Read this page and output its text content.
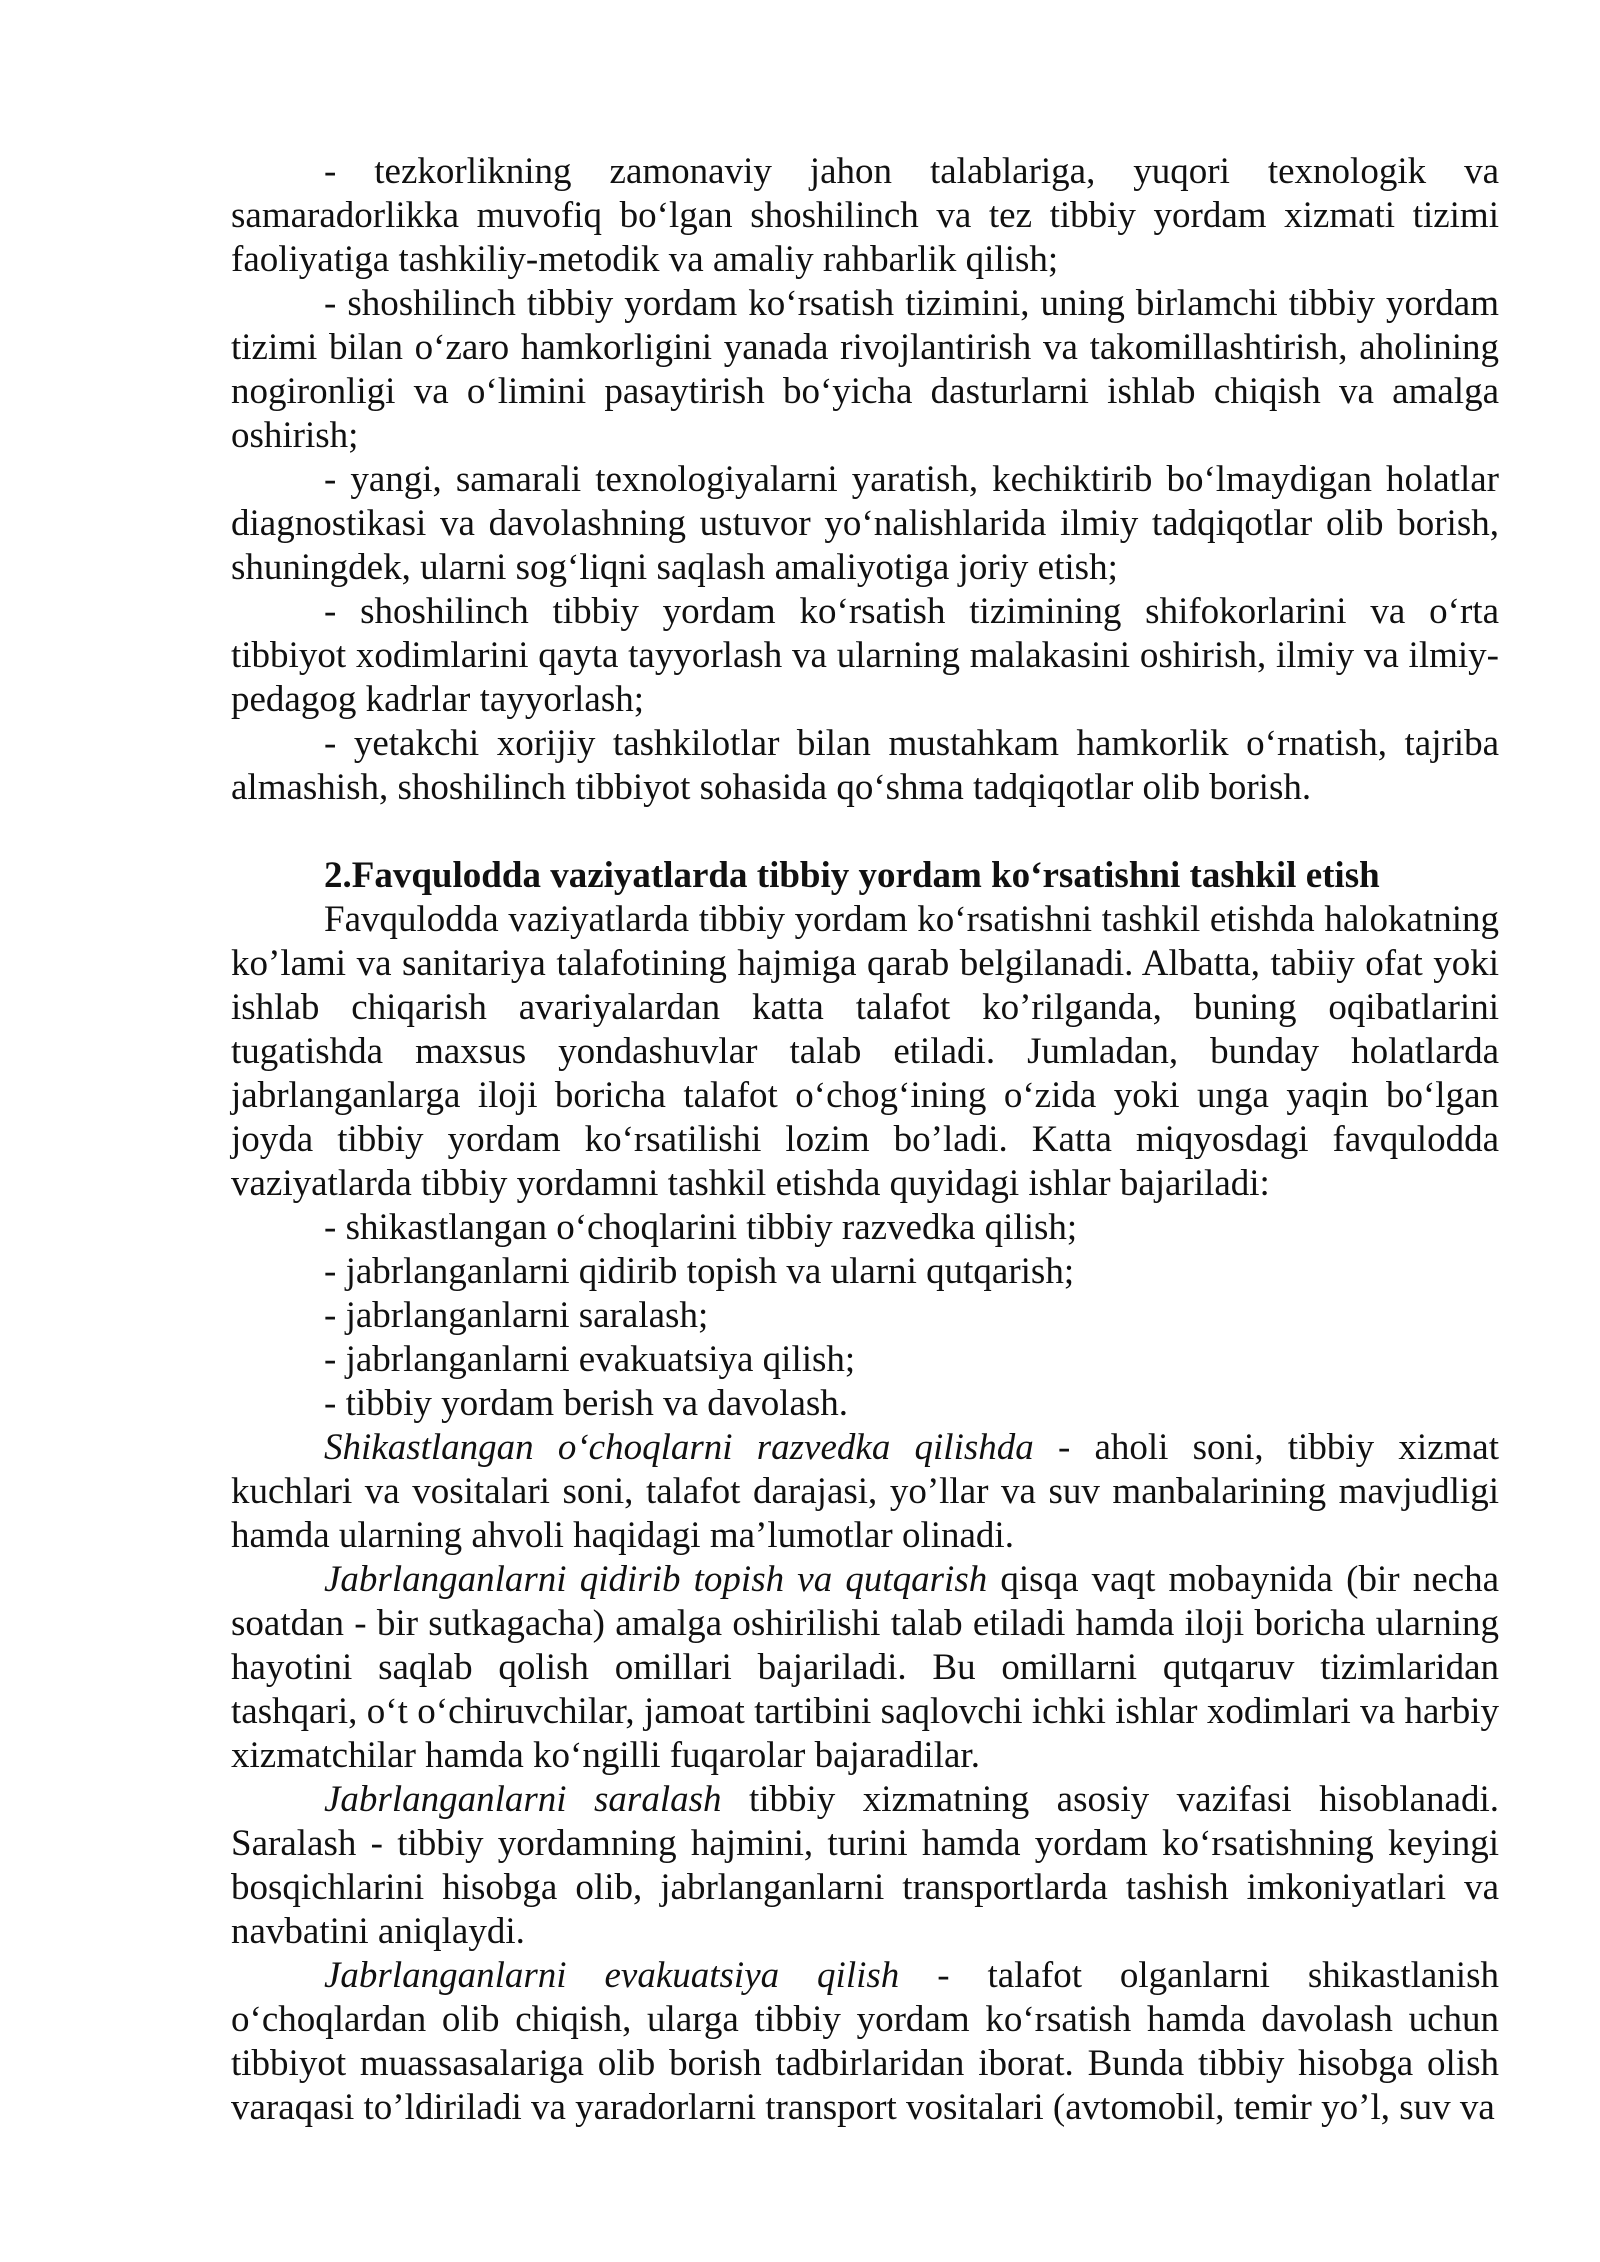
- tezkorlikning zamonaviy jahon talablariga, yuqori texnologik va samaradorlikka muvofiq bo‘lgan shoshilinch va tez tibbiy yordam xizmati tizimi faoliyatiga tashkiliy-metodik va amaliy rahbarlik qilish;

- shoshilinch tibbiy yordam ko‘rsatish tizimini, uning birlamchi tibbiy yordam tizimi bilan o‘zaro hamkorligini yanada rivojlantirish va takomillashtirish, aholining nogironligi va o‘limini pasaytirish bo‘yicha dasturlarni ishlab chiqish va amalga oshirish;

- yangi, samarali texnologiyalarni yaratish, kechiktirib bo‘lmaydigan holatlar diagnostikasi va davolashning ustuvor yo‘nalishlarida ilmiy tadqiqotlar olib borish, shuningdek, ularni sog‘liqni saqlash amaliyotiga joriy etish;

- shoshilinch tibbiy yordam ko‘rsatish tizimining shifokorlarini va o‘rta tibbiyot xodimlarini qayta tayyorlash va ularning malakasini oshirish, ilmiy va ilmiy-pedagog kadrlar tayyorlash;

- yetakchi xorijiy tashkilotlar bilan mustahkam hamkorlik o‘rnatish, tajriba almashish, shoshilinch tibbiyot sohasida qo‘shma tadqiqotlar olib borish.

2.Favqulodda vaziyatlarda tibbiy yordam ko‘rsatishni tashkil etish

Favqulodda vaziyatlarda tibbiy yordam ko‘rsatishni tashkil etishda halokatning ko’lami va sanitariya talafotining hajmiga qarab belgilanadi. Albatta, tabiiy ofat yoki ishlab chiqarish avariyalardan katta talafot ko’rilganda, buning oqibatlarini tugatishda maxsus yondashuvlar talab etiladi. Jumladan, bunday holatlarda jabrlanganlarga iloji boricha talafot o‘chog‘ining o‘zida yoki unga yaqin bo‘lgan joyda tibbiy yordam ko‘rsatilishi lozim bo’ladi. Katta miqyosdagi favqulodda vaziyatlarda tibbiy yordamni tashkil etishda quyidagi ishlar bajariladi:

- shikastlangan o‘choqlarini tibbiy razvedka qilish;

- jabrlanganlarni qidirib topish va ularni qutqarish;

- jabrlanganlarni saralash;

- jabrlanganlarni evakuatsiya qilish;

- tibbiy yordam berish va davolash.

Shikastlangan o‘choqlarni razvedka qilishda - aholi soni, tibbiy xizmat kuchlari va vositalari soni, talafot darajasi, yo’llar va suv manbalarining mavjudligi hamda ularning ahvoli haqidagi ma’lumotlar olinadi.

Jabrlanganlarni qidirib topish va qutqarish qisqa vaqt mobaynida (bir necha soatdan - bir sutkagacha) amalga oshirilishi talab etiladi hamda iloji boricha ularning hayotini saqlab qolish omillari bajariladi. Bu omillarni qutqaruv tizimlaridan tashqari, o‘t o‘chiruvchilar, jamoat tartibini saqlovchi ichki ishlar xodimlari va harbiy xizmatchilar hamda ko‘ngilli fuqarolar bajaradilar.

Jabrlanganlarni saralash tibbiy xizmatning asosiy vazifasi hisoblanadi. Saralash - tibbiy yordamning hajmini, turini hamda yordam ko‘rsatishning keyingi bosqichlarini hisobga olib, jabrlanganlarni transportlarda tashish imkoniyatlari va navbatini aniqlaydi.

Jabrlanganlarni evakuatsiya qilish - talafot olganlarni shikastlanish o‘choqlardan olib chiqish, ularga tibbiy yordam ko‘rsatish hamda davolash uchun tibbiyot muassasalariga olib borish tadbirlaridan iborat. Bunda tibbiy hisobga olish varaqasi to’ldiriladi va yaradorlarni transport vositalari (avtomobil, temir yo’l, suv va
